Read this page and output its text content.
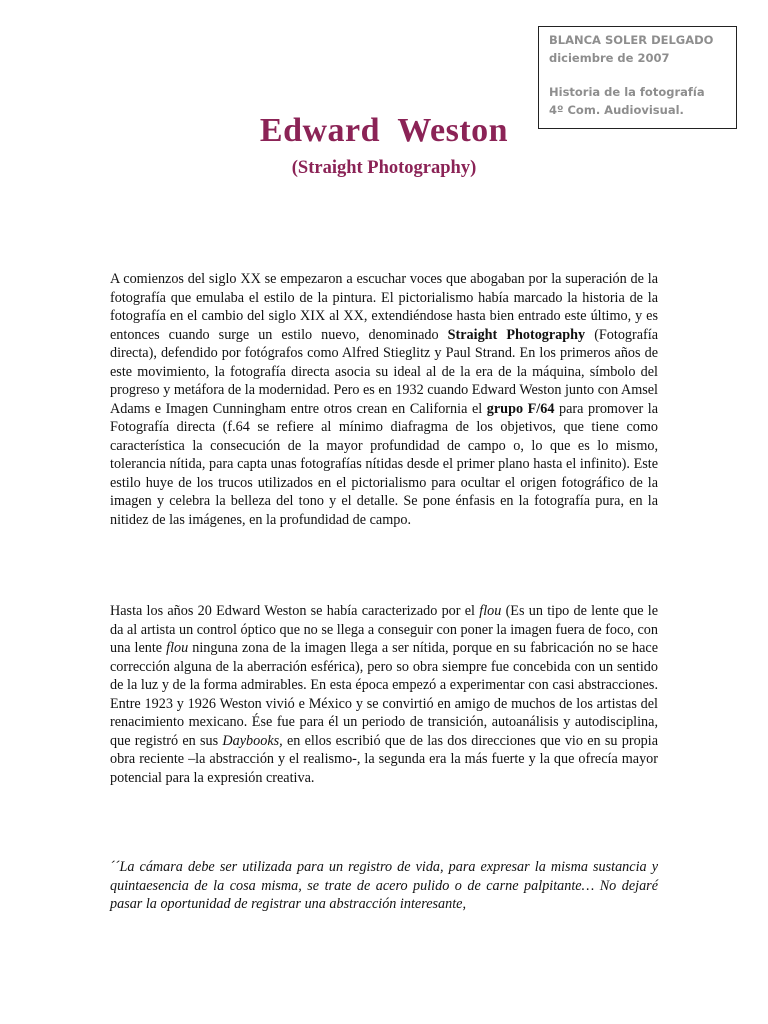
BLANCA SOLER DELGADO
diciembre de 2007
Historia de la fotografía
4º Com. Audiovisual.
Edward  Weston
(Straight Photography)

A comienzos del siglo XX se empezaron a escuchar voces que abogaban por la superación de la fotografía que emulaba el estilo de la pintura. El pictorialismo había marcado la historia de la fotografía en el cambio del siglo XIX al XX, extendiéndose hasta bien entrado este último, y es entonces cuando surge un estilo nuevo, denominado Straight Photography (Fotografía directa), defendido por fotógrafos como Alfred Stieglitz y Paul Strand. En los primeros años de este movimiento, la fotografía directa asocia su ideal al de la era de la máquina, símbolo del progreso y metáfora de la modernidad. Pero es en 1932 cuando Edward Weston junto con Amsel Adams e Imagen Cunningham entre otros crean en California el grupo F/64 para promover la Fotografía directa (f.64 se refiere al mínimo diafragma de los objetivos, que tiene como característica la consecución de la mayor profundidad de campo o, lo que es lo mismo, tolerancia nítida, para capta unas fotografías nítidas desde el primer plano hasta el infinito). Este estilo huye de los trucos utilizados en el pictorialismo para ocultar el origen fotográfico de la imagen y celebra la belleza del tono y el detalle. Se pone énfasis en la fotografía pura, en la nitidez de las imágenes, en la profundidad de campo.

Hasta los años 20 Edward Weston se había caracterizado por el flou (Es un tipo de lente que le da al artista un control óptico que no se llega a conseguir con poner la imagen fuera de foco, con una lente flou ninguna zona de la imagen llega a ser nítida, porque en su fabricación no se hace corrección alguna de la aberración esférica), pero so obra siempre fue concebida con un sentido de la luz y de la forma admirables. En esta época empezó a experimentar con casi abstracciones. Entre 1923 y 1926 Weston vivió e México y se convirtió en amigo de muchos de los artistas del renacimiento mexicano. Ése fue para él un periodo de transición, autoanálisis y autodisciplina, que registró en sus Daybooks, en ellos escribió que de las dos direcciones que vio en su propia obra reciente –la abstracción y el realismo-, la segunda era la más fuerte y la que ofrecía mayor potencial para la expresión creativa.

´´La cámara debe ser utilizada para un registro de vida, para expresar la misma sustancia y quintaesencia de la cosa misma, se trate de acero pulido o de carne palpitante… No dejaré pasar la oportunidad de registrar una abstracción interesante,
